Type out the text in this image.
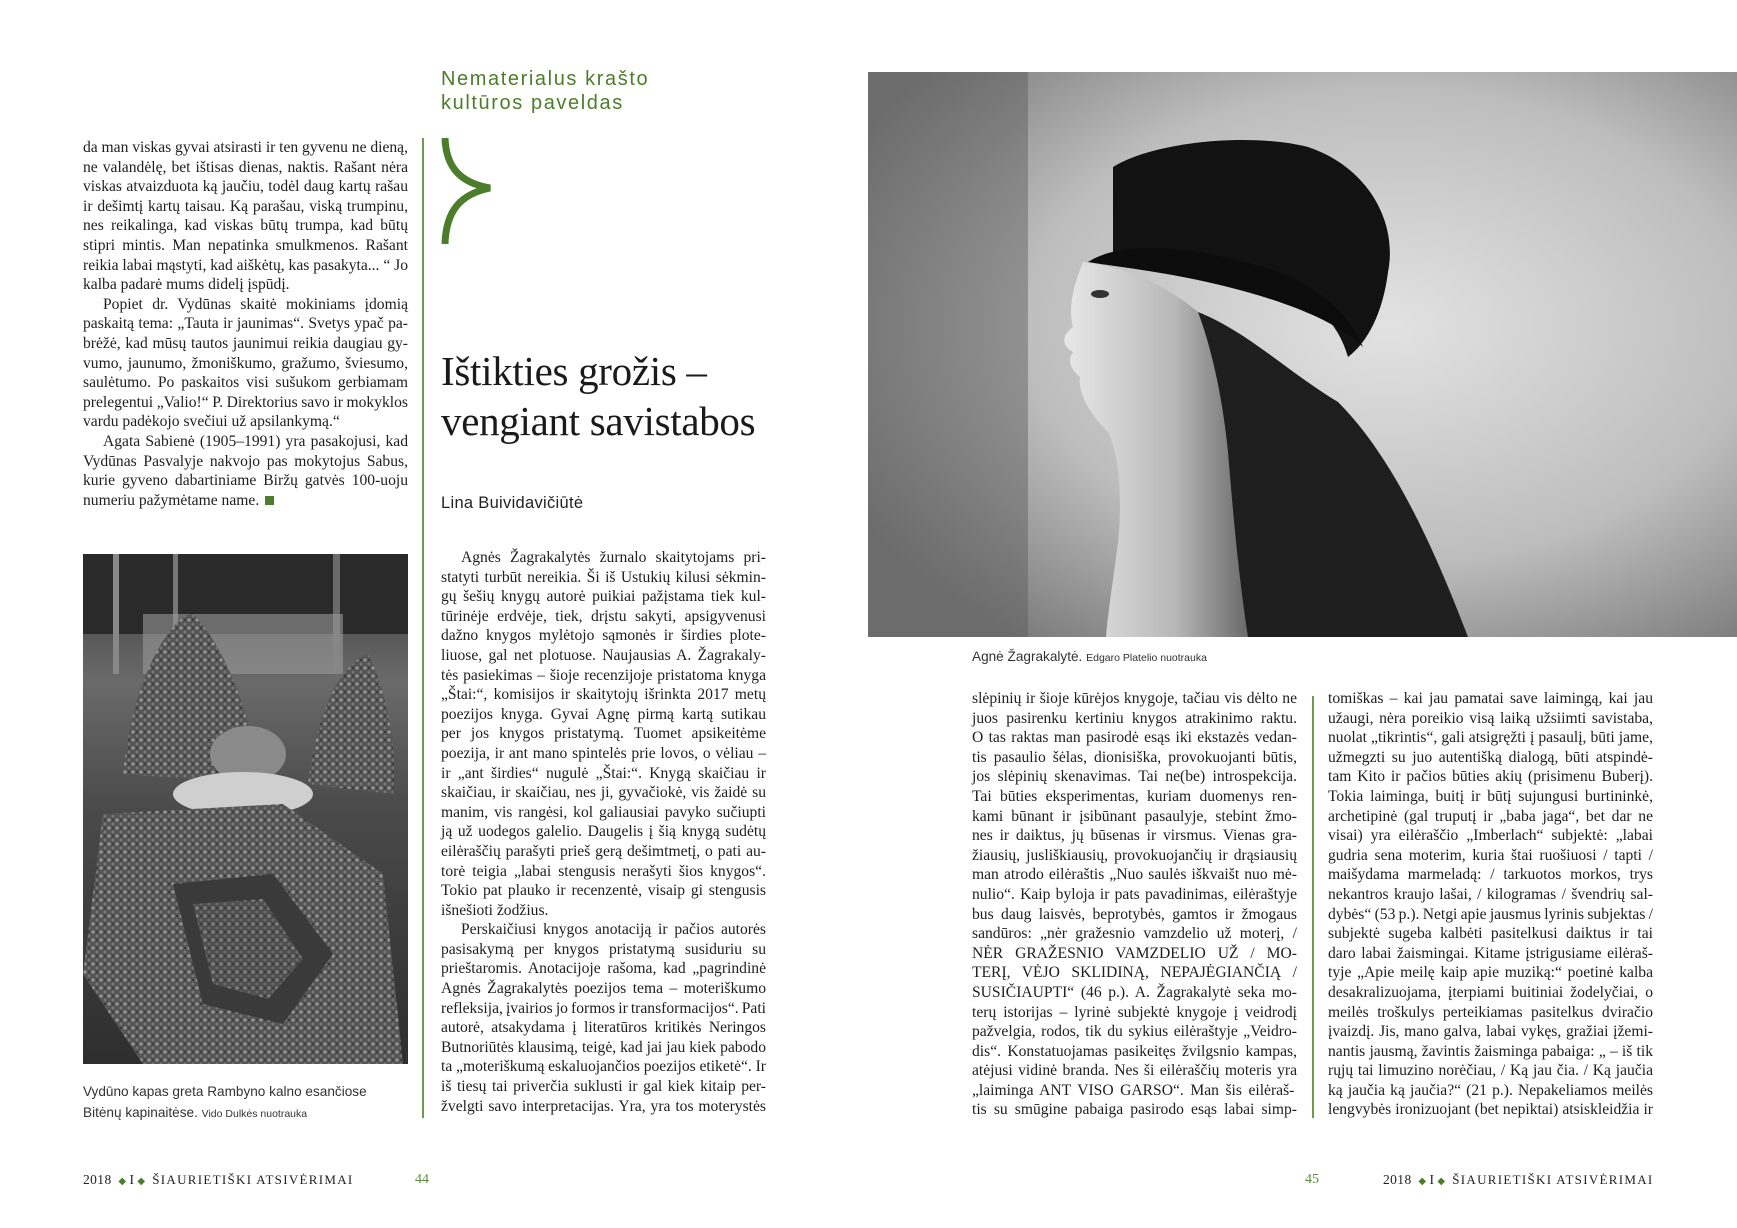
Nematerialus krašto
kultūros paveldas
da man viskas gyvai atsirasti ir ten gyvenu ne dieną,
ne valandėlę, bet ištisas dienas, naktis. Rašant nėra
viskas atvaizduota ką jaučiu, todėl daug kartų rašau
ir dešimtį kartų taisau. Ką parašau, viską trumpinu,
nes reikalinga, kad viskas būtų trumpa, kad būtų
stipri mintis. Man nepatinka smulkmenos. Rašant
reikia labai mąstyti, kad aiškėtų, kas pasakyta... “ Jo
kalba padarė mums didelį įspūdį.
Popiet dr. Vydūnas skaitė mokiniams įdomią
paskaitą tema: „Tauta ir jaunimas“. Svetys ypač pa-
brėžė, kad mūsų tautos jaunimui reikia daugiau gy-
vumo, jaunumo, žmoniškumo, gražumo, šviesumo,
saulėtumo. Po paskaitos visi sušukom gerbiamam
prelegentui „Valio!“ P. Direktorius savo ir mokyklos
vardu padėkojo svečiui už apsilankymą.“
Agata Sabienė (1905–1991) yra pasakojusi, kad
Vydūnas Pasvalyje nakvojo pas mokytojus Sabus,
kurie gyveno dabartiniame Biržų gatvės 100-uoju
numeriu pažymėtame name.
Vydūno kapas greta Rambyno kalno esančiose
Bitėnų kapinaitėse. Vido Dulkės nuotrauka
Ištikties grožis –
vengiant savistabos
Lina Buividavičiūtė
Agnės Žagrakalytės žurnalo skaitytojams pri-
statyti turbūt nereikia. Ši iš Ustukių kilusi sėkmin-
gų šešių knygų autorė puikiai pažįstama tiek kul-
tūrinėje erdvėje, tiek, drįstu sakyti, apsigyvenusi
dažno knygos mylėtojo sąmonės ir širdies plote-
liuose, gal net plotuose. Naujausias A. Žagrakaly-
tės pasiekimas – šioje recenzijoje pristatoma knyga
„Štai:“, komisijos ir skaitytojų išrinkta 2017 metų
poezijos knyga. Gyvai Agnę pirmą kartą sutikau
per jos knygos pristatymą. Tuomet apsikeitėme
poezija, ir ant mano spintelės prie lovos, o vėliau –
ir „ant širdies“ nugulė „Štai:“. Knygą skaičiau ir
skaičiau, ir skaičiau, nes ji, gyvačiokė, vis žaidė su
manim, vis rangėsi, kol galiausiai pavyko sučiupti
ją už uodegos galelio. Daugelis į šią knygą sudėtų
eilėraščių parašyti prieš gerą dešimtmetį, o pati au-
torė teigia „labai stengusis nerašyti šios knygos“.
Tokio pat plauko ir recenzentė, visaip gi stengusis
išnešioti žodžius.
Perskaičiusi knygos anotaciją ir pačios autorės
pasisakymą per knygos pristatymą susiduriu su
prieštaromis. Anotacijoje rašoma, kad „pagrindinė
Agnės Žagrakalytės poezijos tema – moteriškumo
refleksija, įvairios jo formos ir transformacijos“. Pati
autorė, atsakydama į literatūros kritikės Neringos
Butnoriūtės klausimą, teigė, kad jai jau kiek pabodo
ta „moteriškumą eskaluojančios poezijos etiketė“. Ir
iš tiesų tai priverčia suklusti ir gal kiek kitaip per-
žvelgti savo interpretacijas. Yra, yra tos moterystės
Agnė Žagrakalytė. Edgaro Platelio nuotrauka
slėpinių ir šioje kūrėjos knygoje, tačiau vis dėlto ne
juos pasirenku kertiniu knygos atrakinimo raktu.
O tas raktas man pasirodė esąs iki ekstazės vedan-
tis pasaulio šėlas, dionisiška, provokuojanti būtis,
jos slėpinių skenavimas. Tai ne(be) introspekcija.
Tai būties eksperimentas, kuriam duomenys ren-
kami būnant ir įsibūnant pasaulyje, stebint žmo-
nes ir daiktus, jų būsenas ir virsmus. Vienas gra-
žiausių, jusliškiausių, provokuojančių ir drąsiausių
man atrodo eilėraštis „Nuo saulės iškvaišt nuo mė-
nulio“. Kaip byloja ir pats pavadinimas, eilėraštyje
bus daug laisvės, beprotybės, gamtos ir žmogaus
sandūros: „nėr gražesnio vamzdelio už moterį, /
NĖR GRAŽESNIO VAMZDELIO UŽ / MO-
TERĮ, VĖJO SKLIDINĄ, NEPAJĖGIANČIĄ /
SUSIČIAUPTI“ (46 p.). A. Žagrakalytė seka mo-
terų istorijas – lyrinė subjektė knygoje į veidrodį
pažvelgia, rodos, tik du sykius eilėraštyje „Veidro-
dis“. Konstatuojamas pasikeitęs žvilgsnio kampas,
atėjusi vidinė branda. Nes ši eilėraščių moteris yra
„laiminga ANT VISO GARSO“. Man šis eilėraš-
tis su smūgine pabaiga pasirodo esąs labai simp-
tomiškas – kai jau pamatai save laimingą, kai jau
užaugi, nėra poreikio visą laiką užsiimti savistaba,
nuolat „tikrintis“, gali atsigręžti į pasaulį, būti jame,
užmegzti su juo autentišką dialogą, būti atspindė-
tam Kito ir pačios būties akių (prisimenu Buberį).
Tokia laiminga, buitį ir būtį sujungusi burtininkė,
archetipinė (gal truputį ir „baba jaga“, bet dar ne
visai) yra eilėraščio „Imberlach“ subjektė: „labai
gudria sena moterim, kuria štai ruošiuosi / tapti /
maišydama marmeladą: / tarkuotos morkos, trys
nekantros kraujo lašai, / kilogramas / švendrių sal-
dybės“ (53 p.). Netgi apie jausmus lyrinis subjektas /
subjektė sugeba kalbėti pasitelkusi daiktus ir tai
daro labai žaismingai. Kitame įstrigusiame eilėraš-
tyje „Apie meilę kaip apie muziką:“ poetinė kalba
desakralizuojama, įterpiami buitiniai žodelyčiai, o
meilės troškulys perteikiamas pasitelkus dviračio
įvaizdį. Jis, mano galva, labai vykęs, gražiai įžemi-
nantis jausmą, žavintis žaisminga pabaiga: „ – iš tik
rųjų tai limuzino norėčiau, / Ką jau čia. / Ką jaučia
ką jaučia ką jaučia?“ (21 p.). Nepakeliamos meilės
lengvybės ironizuojant (bet nepiktai) atsiskleidžia ir
2018 ◆ I ◆ ŠIAURIETIŠKI ATSIVĖRIMAI	44	45	2018 ◆ I ◆ ŠIAURIETIŠKI ATSIVĖRIMAI
